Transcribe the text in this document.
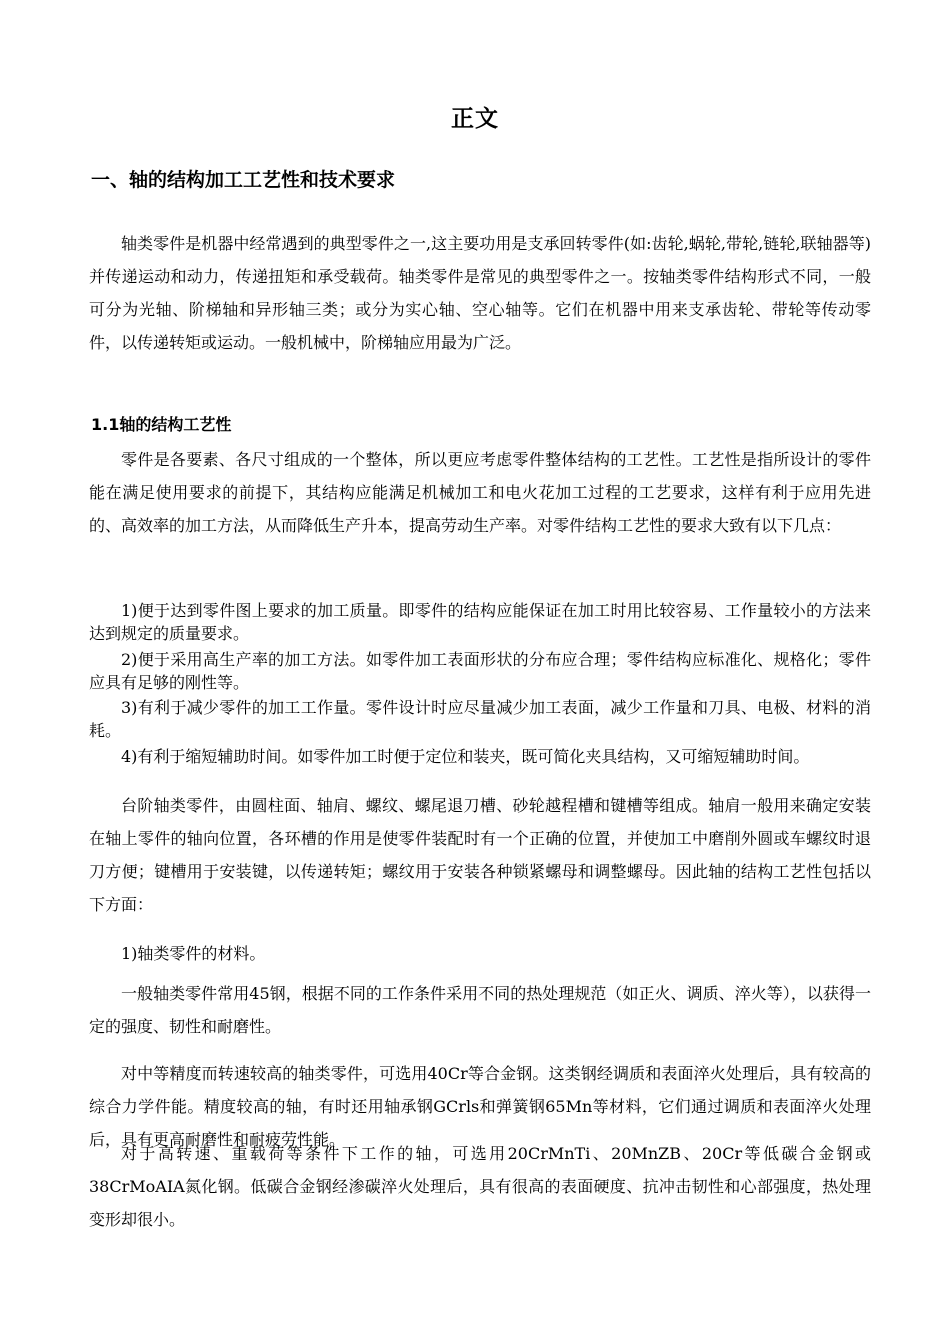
正文
一、轴的结构加工工艺性和技术要求

轴类零件是机器中经常遇到的典型零件之一,这主要功用是支承回转零件(如:齿轮,蜗轮,带轮,链轮,联轴器等)并传递运动和动力，传递扭矩和承受载荷。轴类零件是常见的典型零件之一。按轴类零件结构形式不同，一般可分为光轴、阶梯轴和异形轴三类；或分为实心轴、空心轴等。它们在机器中用来支承齿轮、带轮等传动零件，以传递转矩或运动。一般机械中，阶梯轴应用最为广泛。

1.1轴的结构工艺性

零件是各要素、各尺寸组成的一个整体，所以更应考虑零件整体结构的工艺性。工艺性是指所设计的零件能在满足使用要求的前提下，其结构应能满足机械加工和电火花加工过程的工艺要求，这样有利于应用先进的、高效率的加工方法，从而降低生产升本，提高劳动生产率。对零件结构工艺性的要求大致有以下几点：

1)便于达到零件图上要求的加工质量。即零件的结构应能保证在加工时用比较容易、工作量较小的方法来达到规定的质量要求。

2)便于采用高生产率的加工方法。如零件加工表面形状的分布应合理；零件结构应标准化、规格化；零件应具有足够的刚性等。

3)有利于减少零件的加工工作量。零件设计时应尽量减少加工表面，减少工作量和刀具、电极、材料的消耗。

4)有利于缩短辅助时间。如零件加工时便于定位和装夹，既可简化夹具结构，又可缩短辅助时间。

台阶轴类零件，由圆柱面、轴肩、螺纹、螺尾退刀槽、砂轮越程槽和键槽等组成。轴肩一般用来确定安装在轴上零件的轴向位置，各环槽的作用是使零件装配时有一个正确的位置，并使加工中磨削外圆或车螺纹时退刀方便；键槽用于安装键，以传递转矩；螺纹用于安装各种锁紧螺母和调整螺母。因此轴的结构工艺性包括以下方面：

1)轴类零件的材料。

一般轴类零件常用45钢，根据不同的工作条件采用不同的热处理规范（如正火、调质、淬火等），以获得一定的强度、韧性和耐磨性。

对中等精度而转速较高的轴类零件，可选用40Cr等合金钢。这类钢经调质和表面淬火处理后，具有较高的综合力学件能。精度较高的轴，有时还用轴承钢GCrls和弹簧钢65Mn等材料，它们通过调质和表面淬火处理后，具有更高耐磨性和耐疲劳性能。

对于高转速、重载荷等条件下工作的轴，可选用20CrMnTi、20MnZB、20Cr等低碳合金钢或38CrMoAIA氮化钢。低碳合金钢经渗碳淬火处理后，具有很高的表面硬度、抗冲击韧性和心部强度，热处理变形却很小。
